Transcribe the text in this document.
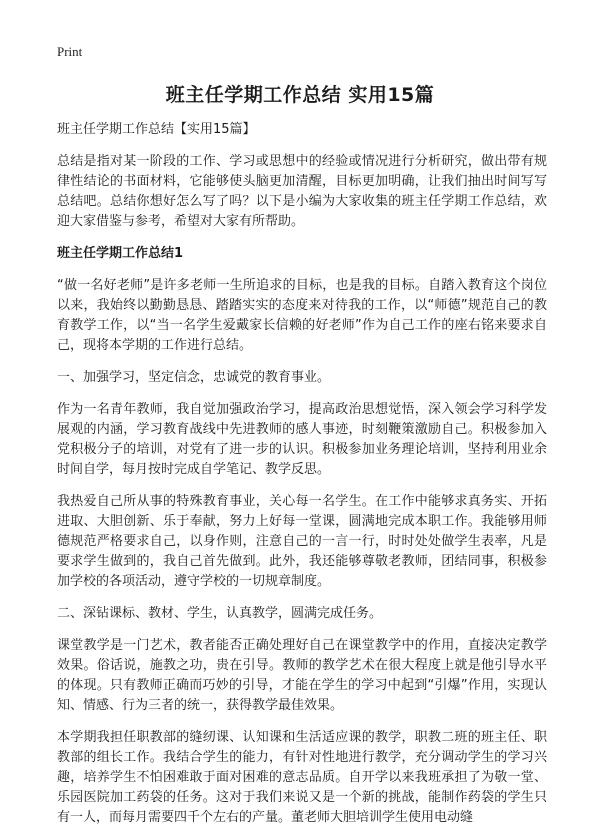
Print
班主任学期工作总结 实用15篇

班主任学期工作总结【实用15篇】

总结是指对某一阶段的工作、学习或思想中的经验或情况进行分析研究，做出带有规律性结论的书面材料，它能够使头脑更加清醒，目标更加明确，让我们抽出时间写写总结吧。总结你想好怎么写了吗？以下是小编为大家收集的班主任学期工作总结，欢迎大家借鉴与参考，希望对大家有所帮助。

班主任学期工作总结1

“做一名好老师”是许多老师一生所追求的目标，也是我的目标。自踏入教育这个岗位以来，我始终以勤勤恳恳、踏踏实实的态度来对待我的工作，以“师德”规范自己的教育教学工作，以“当一名学生爱戴家长信赖的好老师”作为自己工作的座右铭来要求自己，现将本学期的工作进行总结。

一、加强学习，坚定信念，忠诚党的教育事业。

作为一名青年教师，我自觉加强政治学习，提高政治思想觉悟，深入领会学习科学发展观的内涵，学习教育战线中先进教师的感人事迹，时刻鞭策激励自己。积极参加入党积极分子的培训，对党有了进一步的认识。积极参加业务理论培训，坚持利用业余时间自学，每月按时完成自学笔记、教学反思。

我热爱自己所从事的特殊教育事业，关心每一名学生。在工作中能够求真务实、开拓进取、大胆创新、乐于奉献，努力上好每一堂课，圆满地完成本职工作。我能够用师德规范严格要求自己，以身作则，注意自己的一言一行，时时处处做学生表率，凡是要求学生做到的，我自己首先做到。此外，我还能够尊敬老教师，团结同事，积极参加学校的各项活动，遵守学校的一切规章制度。

二、深钻课标、教材、学生，认真教学，圆满完成任务。

课堂教学是一门艺术，教者能否正确处理好自己在课堂教学中的作用，直接决定教学效果。俗话说，施教之功，贵在引导。教师的教学艺术在很大程度上就是他引导水平的体现。只有教师正确而巧妙的引导，才能在学生的学习中起到“引爆”作用，实现认知、情感、行为三者的统一，获得教学最佳效果。

本学期我担任职教部的缝纫课、认知课和生活适应课的教学，职教二班的班主任、职教部的组长工作。我结合学生的能力，有针对性地进行教学，充分调动学生的学习兴趣，培养学生不怕困难敢于面对困难的意志品质。自开学以来我班承担了为敬一堂、乐园医院加工药袋的任务。这对于我们来说又是一个新的挑战，能制作药袋的学生只有一人，而每月需要四千个左右的产量。董老师大胆培训学生使用电动缝
